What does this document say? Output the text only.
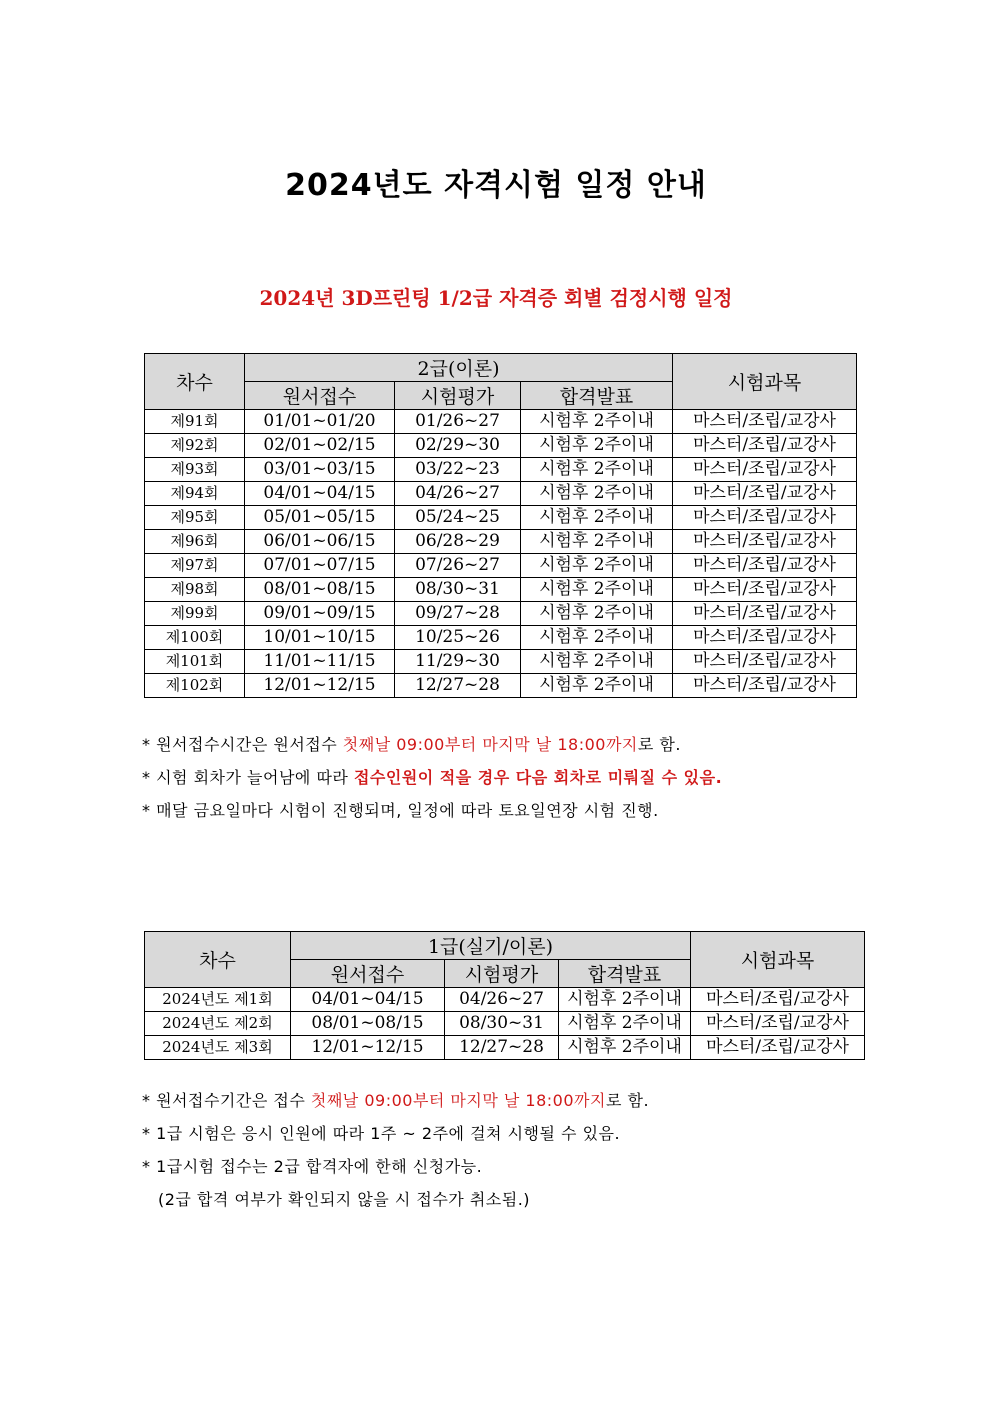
2024년도 자격시험 일정 안내
2024년 3D프린팅 1/2급 자격증 회별 검정시행 일정
차수	2급(이론)			시험과목
	원서접수	시험평가	합격발표	
제91회	01/01~01/20	01/26~27	시험후 2주이내	마스터/조립/교강사
제92회	02/01~02/15	02/29~30	시험후 2주이내	마스터/조립/교강사
제93회	03/01~03/15	03/22~23	시험후 2주이내	마스터/조립/교강사
제94회	04/01~04/15	04/26~27	시험후 2주이내	마스터/조립/교강사
제95회	05/01~05/15	05/24~25	시험후 2주이내	마스터/조립/교강사
제96회	06/01~06/15	06/28~29	시험후 2주이내	마스터/조립/교강사
제97회	07/01~07/15	07/26~27	시험후 2주이내	마스터/조립/교강사
제98회	08/01~08/15	08/30~31	시험후 2주이내	마스터/조립/교강사
제99회	09/01~09/15	09/27~28	시험후 2주이내	마스터/조립/교강사
제100회	10/01~10/15	10/25~26	시험후 2주이내	마스터/조립/교강사
제101회	11/01~11/15	11/29~30	시험후 2주이내	마스터/조립/교강사
제102회	12/01~12/15	12/27~28	시험후 2주이내	마스터/조립/교강사
* 원서접수시간은 원서접수 첫째날 09:00부터 마지막 날 18:00까지로 함.
* 시험 회차가 늘어남에 따라 접수인원이 적을 경우 다음 회차로 미뤄질 수 있음.
* 매달 금요일마다 시험이 진행되며, 일정에 따라 토요일연장 시험 진행.
차수	1급(실기/이론)			시험과목
	원서접수	시험평가	합격발표	
2024년도 제1회	04/01~04/15	04/26~27	시험후 2주이내	마스터/조립/교강사
2024년도 제2회	08/01~08/15	08/30~31	시험후 2주이내	마스터/조립/교강사
2024년도 제3회	12/01~12/15	12/27~28	시험후 2주이내	마스터/조립/교강사
* 원서접수기간은 접수 첫째날 09:00부터 마지막 날 18:00까지로 함.
* 1급 시험은 응시 인원에 따라 1주 ~ 2주에 걸쳐 시행될 수 있음.
* 1급시험 접수는 2급 합격자에 한해 신청가능.
(2급 합격 여부가 확인되지 않을 시 접수가 취소됨.)
